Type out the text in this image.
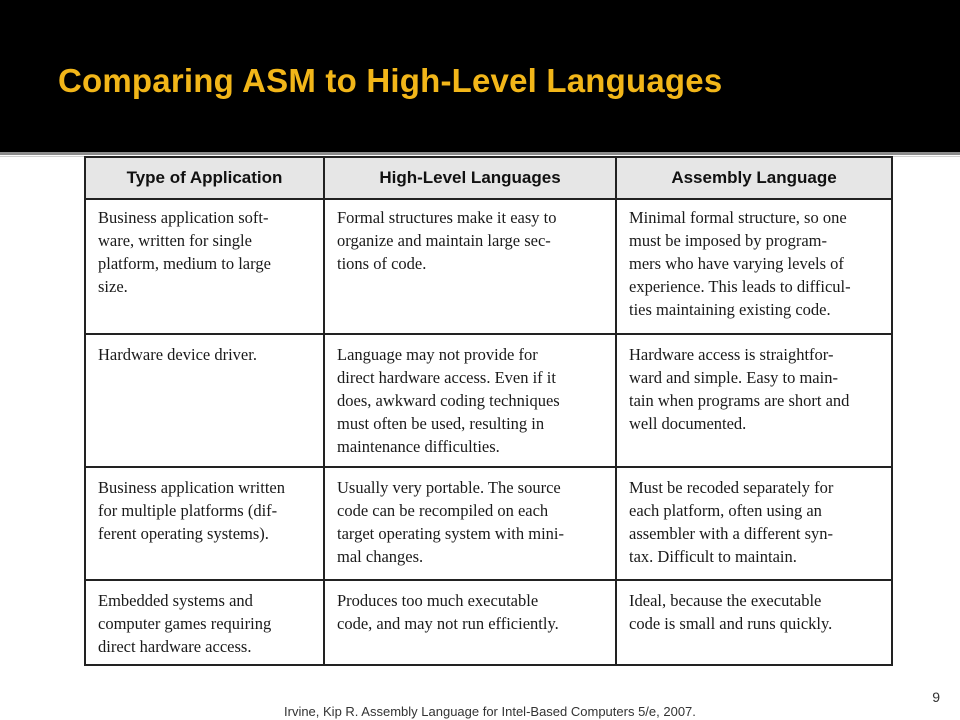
Comparing ASM to High-Level Languages
Type of Application	High-Level Languages	Assembly Language

Business application soft-
ware, written for single
platform, medium to large
size.	Formal structures make it easy to
organize and maintain large sec-
tions of code.	Minimal formal structure, so one
must be imposed by program-
mers who have varying levels of
experience. This leads to difficul-
ties maintaining existing code.

Hardware device driver.	Language may not provide for
direct hardware access. Even if it
does, awkward coding techniques
must often be used, resulting in
maintenance difficulties.	Hardware access is straightfor-
ward and simple. Easy to main-
tain when programs are short and
well documented.

Business application written
for multiple platforms (dif-
ferent operating systems).	Usually very portable. The source
code can be recompiled on each
target operating system with mini-
mal changes.	Must be recoded separately for
each platform, often using an
assembler with a different syn-
tax. Difficult to maintain.

Embedded systems and
computer games requiring
direct hardware access.	Produces too much executable
code, and may not run efficiently.	Ideal, because the executable
code is small and runs quickly.
9
Irvine, Kip R. Assembly Language for Intel-Based Computers 5/e, 2007.
